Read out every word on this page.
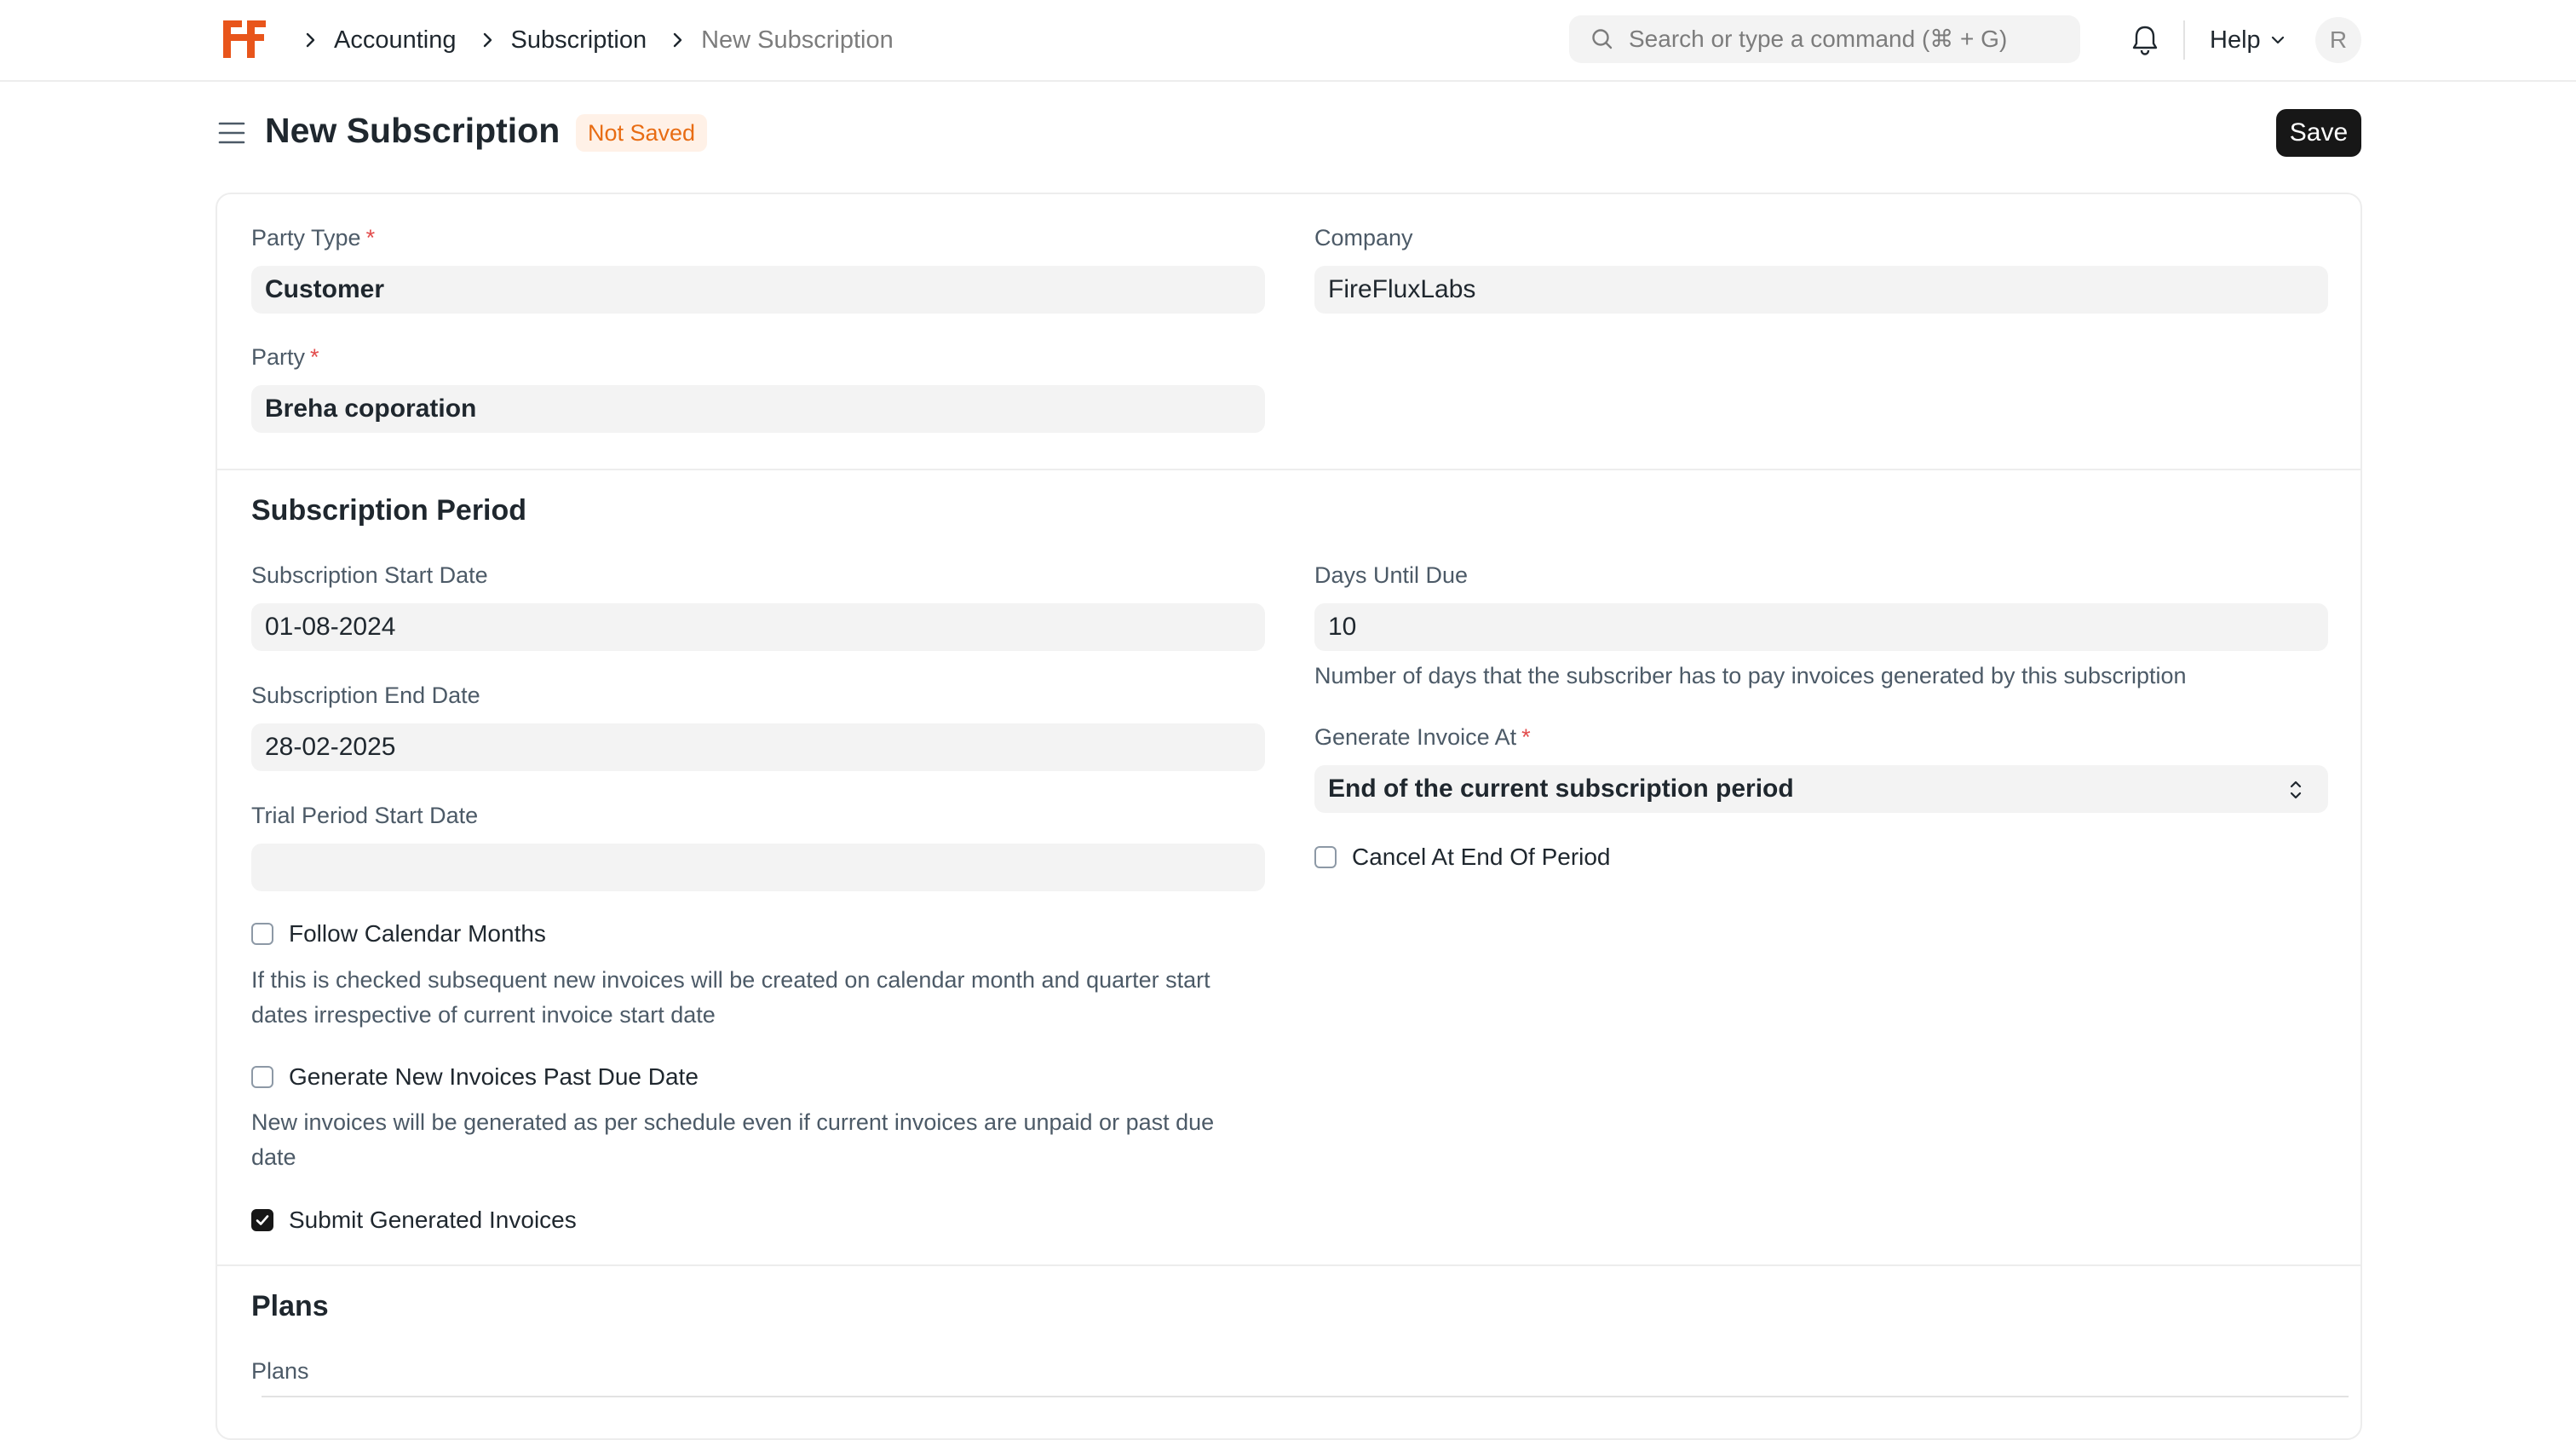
Accounting Subscription New Subscription
Search or type a command (⌘ + G)	Help	R
New Subscription	Not Saved	Save
Party Type *
Customer
Company
FireFluxLabs
Party *
Breha coporation
Subscription Period
Subscription Start Date
01-08-2024
Subscription End Date
28-02-2025
Trial Period Start Date
Follow Calendar Months
If this is checked subsequent new invoices will be created on calendar month and quarter start
dates irrespective of current invoice start date
Generate New Invoices Past Due Date
New invoices will be generated as per schedule even if current invoices are unpaid or past due
date
Submit Generated Invoices
Days Until Due
10
Number of days that the subscriber has to pay invoices generated by this subscription
Generate Invoice At *
End of the current subscription period
Cancel At End Of Period
Plans
Plans
